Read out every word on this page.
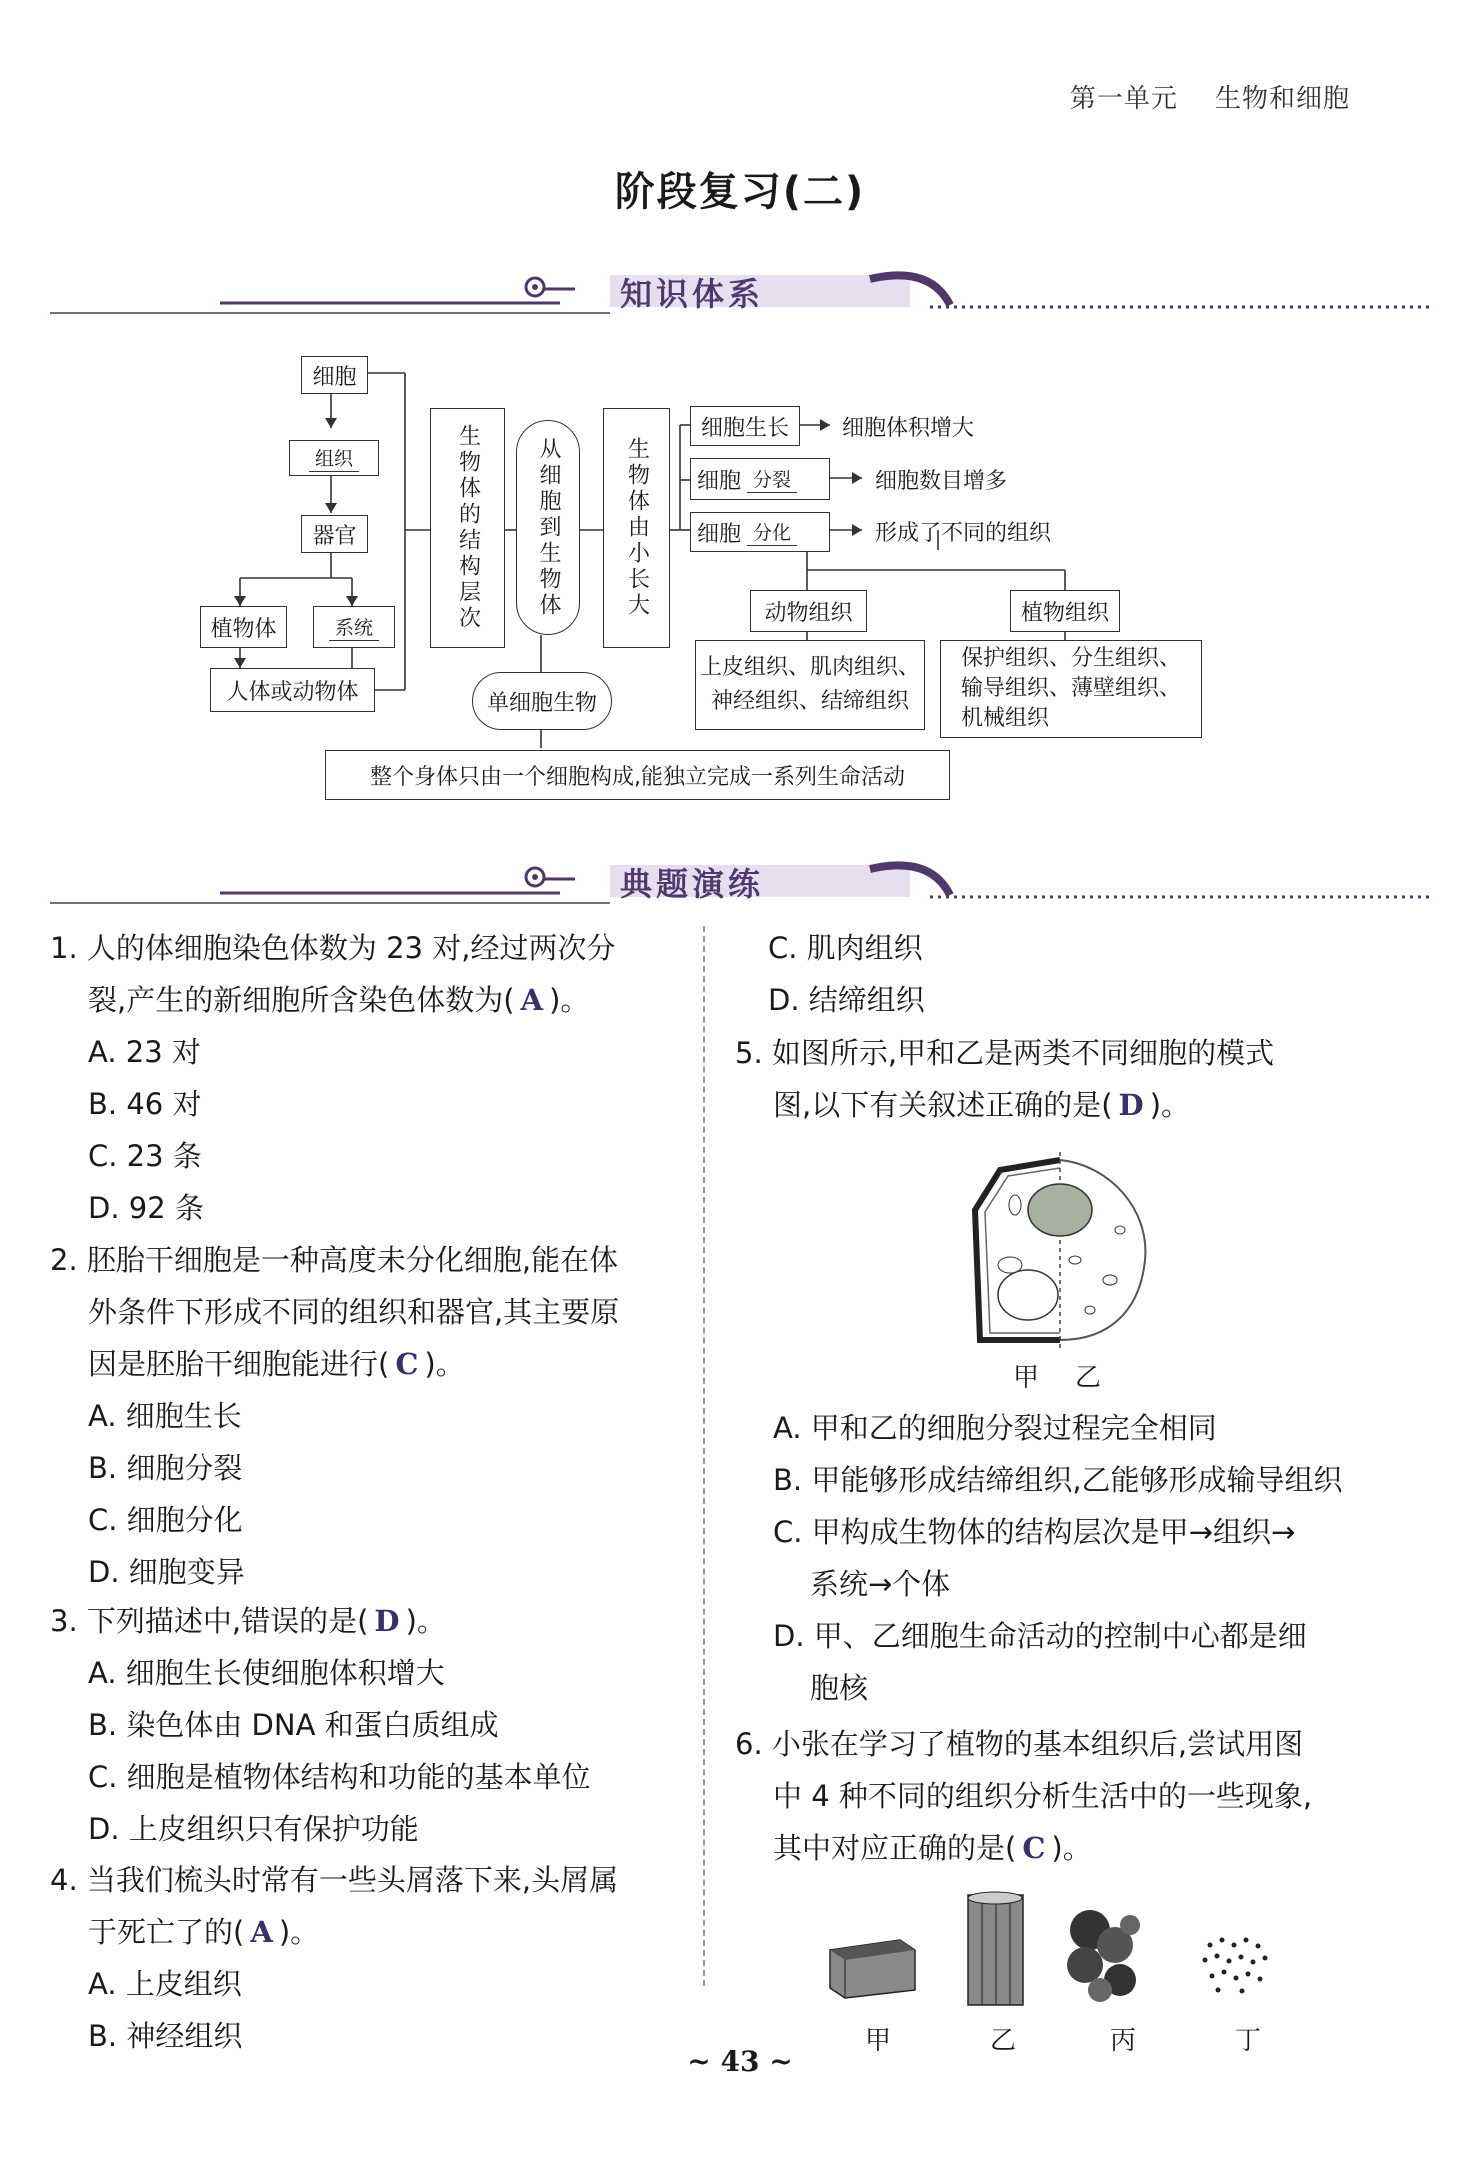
第一单元 生物和细胞
阶段复习(二)
知识体系
细胞
组织
器官
植物体	系统
人体或动物体
生物体的结构层次	从细胞到生物体	生物体由小长大
细胞生长	细胞体积增大
细胞 分裂	细胞数目增多
细胞 分化	形成了不同的组织
动物组织	植物组织
上皮组织、肌肉组织、
神经组织、结缔组织
保护组织、分生组织、
输导组织、薄壁组织、
机械组织
单细胞生物
整个身体只由一个细胞构成,能独立完成一系列生命活动
典题演练
1. 人的体细胞染色体数为 23 对,经过两次分
裂,产生的新细胞所含染色体数为( A )。
A. 23 对
B. 46 对
C. 23 条
D. 92 条
2. 胚胎干细胞是一种高度未分化细胞,能在体
外条件下形成不同的组织和器官,其主要原
因是胚胎干细胞能进行( C )。
A. 细胞生长
B. 细胞分裂
C. 细胞分化
D. 细胞变异
3. 下列描述中,错误的是( D )。
A. 细胞生长使细胞体积增大
B. 染色体由 DNA 和蛋白质组成
C. 细胞是植物体结构和功能的基本单位
D. 上皮组织只有保护功能
4. 当我们梳头时常有一些头屑落下来,头屑属
于死亡了的( A )。
A. 上皮组织
B. 神经组织
C. 肌肉组织
D. 结缔组织
5. 如图所示,甲和乙是两类不同细胞的模式
图,以下有关叙述正确的是( D )。
甲 乙
A. 甲和乙的细胞分裂过程完全相同
B. 甲能够形成结缔组织,乙能够形成输导组织
C. 甲构成生物体的结构层次是甲→组织→
系统→个体
D. 甲、乙细胞生命活动的控制中心都是细
胞核
6. 小张在学习了植物的基本组织后,尝试用图
中 4 种不同的组织分析生活中的一些现象,
其中对应正确的是( C )。
甲	乙	丙	丁
~ 43 ~
